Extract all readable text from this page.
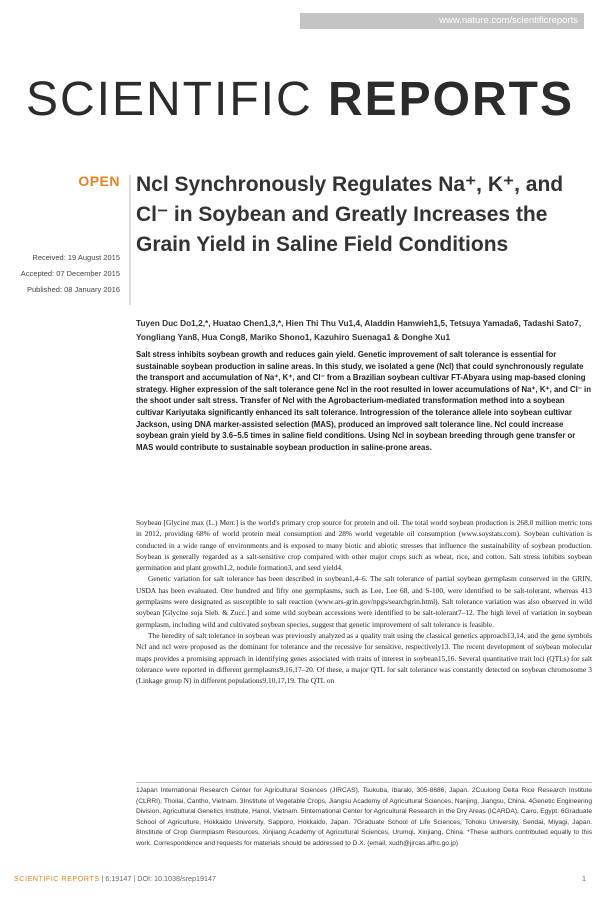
www.nature.com/scientificreports
SCIENTIFIC REPORTS
OPEN
Received: 19 August 2015
Accepted: 07 December 2015
Published: 08 January 2016
Ncl Synchronously Regulates Na⁺, K⁺, and Cl⁻ in Soybean and Greatly Increases the Grain Yield in Saline Field Conditions
Tuyen Duc Do1,2,*, Huatao Chen1,3,*, Hien Thi Thu Vu1,4, Aladdin Hamwieh1,5, Tetsuya Yamada6, Tadashi Sato7, Yongliang Yan8, Hua Cong8, Mariko Shono1, Kazuhiro Suenaga1 & Donghe Xu1
Salt stress inhibits soybean growth and reduces gain yield. Genetic improvement of salt tolerance is essential for sustainable soybean production in saline areas. In this study, we isolated a gene (Ncl) that could synchronously regulate the transport and accumulation of Na⁺, K⁺, and Cl⁻ from a Brazilian soybean cultivar FT-Abyara using map-based cloning strategy. Higher expression of the salt tolerance gene Ncl in the root resulted in lower accumulations of Na⁺, K⁺, and Cl⁻ in the shoot under salt stress. Transfer of Ncl with the Agrobacterium-mediated transformation method into a soybean cultivar Kariyutaka significantly enhanced its salt tolerance. Introgression of the tolerance allele into soybean cultivar Jackson, using DNA marker-assisted selection (MAS), produced an improved salt tolerance line. Ncl could increase soybean grain yield by 3.6–5.5 times in saline field conditions. Using Ncl in soybean breeding through gene transfer or MAS would contribute to sustainable soybean production in saline-prone areas.

Soybean [Glycine max (L.) Merr.] is the world's primary crop source for protein and oil. The total world soybean production is 268.0 million metric tons in 2012, providing 68% of world protein meal consumption and 28% world vegetable oil consumption (www.soystats.com). Soybean cultivation is conducted in a wide range of environments and is exposed to many biotic and abiotic stresses that influence the sustainability of soybean production. Soybean is generally regarded as a salt-sensitive crop compared with other major crops such as wheat, rice, and cotton. Salt stress inhibits soybean germination and plant growth1,2, nodule formation3, and seed yield4.

Genetic variation for salt tolerance has been described in soybean1,4–6. The salt tolerance of partial soybean germplasm conserved in the GRIN, USDA has been evaluated. One hundred and fifty one germplasms, such as Lee, Lee 68, and S-100, were identified to be salt-tolerant, whereas 413 germplasms were designated as susceptible to salt reaction (www.ars-grin.gov/npgs/searchgrin.html). Salt tolerance variation was also observed in wild soybean [Glycine soja Sieb. & Zucc.] and some wild soybean accessions were identified to be salt-tolerant7–12. The high level of variation in soybean germplasm, including wild and cultivated soybean species, suggest that genetic improvement of salt tolerance is feasible.

The heredity of salt tolerance in soybean was previously analyzed as a quality trait using the classical genetics approach13,14, and the gene symbols Ncl and ncl were proposed as the dominant for tolerance and the recessive for sensitive, respectively13. The recent development of soybean molecular maps provides a promising approach in identifying genes associated with traits of interest in soybean15,16. Several quantitative trait loci (QTLs) for salt tolerance were reported in different germplasms9,16,17–20. Of these, a major QTL for salt tolerance was constantly detected on soybean chromosome 3 (Linkage group N) in different populations9,10,17,19. The QTL on

1Japan International Research Center for Agricultural Sciences (JIRCAS), Tsukuba, Ibaraki, 305-8686, Japan. 2Cuulong Delta Rice Research Institute (CLRRI), Thoilai, Cantho, Vietnam. 3Institute of Vegetable Crops, Jiangsu Academy of Agricultural Sciences, Nanjing, Jiangsu, China. 4Genetic Engineering Division, Agricultural Genetics Institute, Hanoi, Vietnam. 5International Center for Agricultural Research in the Dry Areas (ICARDA), Cairo, Egypt. 6Graduate School of Agriculture, Hokkaido University, Sapporo, Hokkaido, Japan. 7Graduate School of Life Sciences, Tohoku University, Sendai, Miyagi, Japan. 8Institute of Crop Germplasm Resources, Xinjiang Academy of Agricultural Sciences, Urumqi, Xinjiang, China. *These authors contributed equally to this work. Correspondence and requests for materials should be addressed to D.X. (email: xudh@jircas.affrc.go.jp)
SCIENTIFIC REPORTS | 6:19147 | DOI: 10.1038/srep19147	1
